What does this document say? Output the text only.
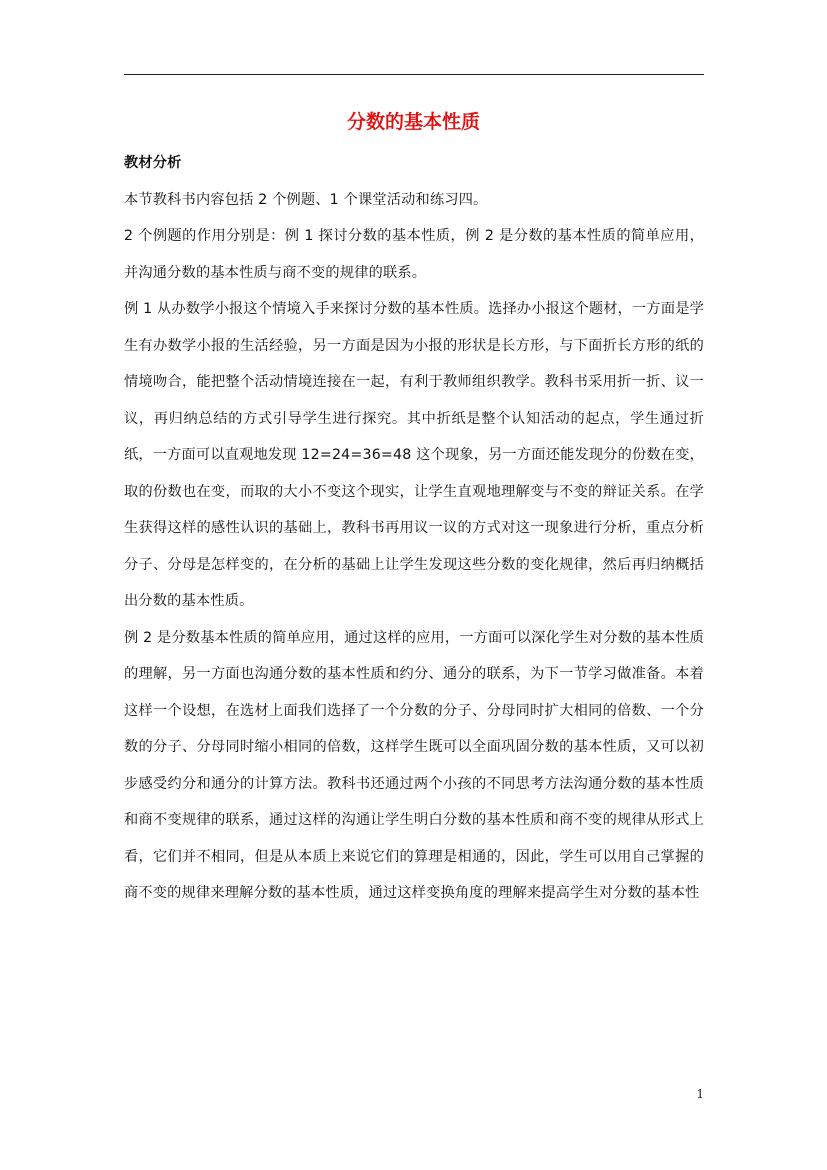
分数的基本性质

教材分析

本节教科书内容包括 2 个例题、1 个课堂活动和练习四。

2 个例题的作用分别是：例 1 探讨分数的基本性质，例 2 是分数的基本性质的简单应用，并沟通分数的基本性质与商不变的规律的联系。

例 1 从办数学小报这个情境入手来探讨分数的基本性质。选择办小报这个题材，一方面是学生有办数学小报的生活经验，另一方面是因为小报的形状是长方形，与下面折长方形的纸的情境吻合，能把整个活动情境连接在一起，有利于教师组织教学。教科书采用折一折、议一议，再归纳总结的方式引导学生进行探究。其中折纸是整个认知活动的起点，学生通过折纸，一方面可以直观地发现 12=24=36=48 这个现象，另一方面还能发现分的份数在变，取的份数也在变，而取的大小不变这个现实，让学生直观地理解变与不变的辩证关系。在学生获得这样的感性认识的基础上，教科书再用议一议的方式对这一现象进行分析，重点分析分子、分母是怎样变的，在分析的基础上让学生发现这些分数的变化规律，然后再归纳概括出分数的基本性质。

例 2 是分数基本性质的简单应用，通过这样的应用，一方面可以深化学生对分数的基本性质的理解，另一方面也沟通分数的基本性质和约分、通分的联系，为下一节学习做准备。本着这样一个设想，在选材上面我们选择了一个分数的分子、分母同时扩大相同的倍数、一个分数的分子、分母同时缩小相同的倍数，这样学生既可以全面巩固分数的基本性质，又可以初步感受约分和通分的计算方法。教科书还通过两个小孩的不同思考方法沟通分数的基本性质和商不变规律的联系，通过这样的沟通让学生明白分数的基本性质和商不变的规律从形式上看，它们并不相同，但是从本质上来说它们的算理是相通的，因此，学生可以用自己掌握的商不变的规律来理解分数的基本性质，通过这样变换角度的理解来提高学生对分数的基本性

1
